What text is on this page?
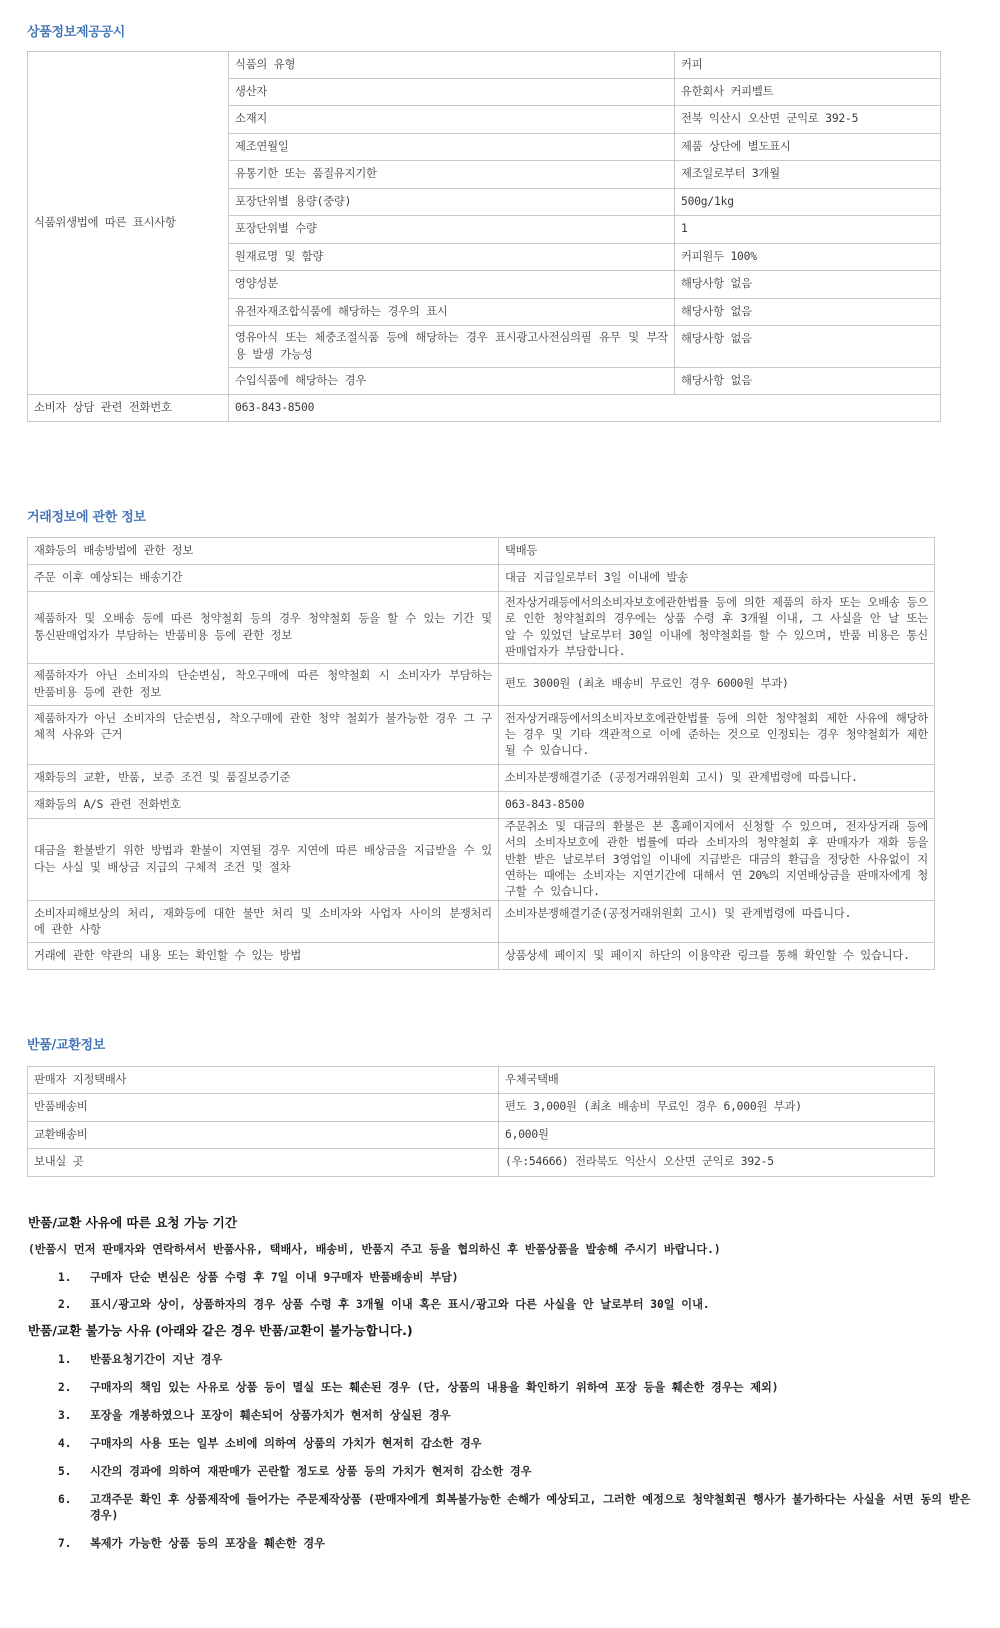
상품정보제공공시
식품위생법에 따른 표시사항	식품의 유형	커피
	생산자	유한회사 커피벨트
	소재지	전북 익산시 오산면 군익로 392-5
	제조연월일	제품 상단에 별도표시
	유통기한 또는 품질유지기한	제조일로부터 3개월
	포장단위별 용량(중량)	500g/1kg
	포장단위별 수량	1
	원재료명 및 함량	커피원두 100%
	영양성분	해당사항 없음
	유전자재조합식품에 해당하는 경우의 표시	해당사항 없음
	영유아식 또는 체중조절식품 등에 해당하는 경우 표시광고사전심의필 유무 및 부작용 발생 가능성	해당사항 없음
	수입식품에 해당하는 경우	해당사항 없음
소비자 상담 관련 전화번호	063-843-8500	
거래정보에 관한 정보
재화등의 배송방법에 관한 정보	택배등
주문 이후 예상되는 배송기간	대금 지급일로부터 3일 이내에 발송
제품하자 및 오배송 등에 따른 청약철회 등의 경우 청약철회 등을 할 수 있는 기간 및 통신판매업자가 부담하는 반품비용 등에 관한 정보	전자상거래등에서의소비자보호에관한법률 등에 의한 제품의 하자 또는 오배송 등으로 인한 청약철회의 경우에는 상품 수령 후 3개월 이내, 그 사실을 안 날 또는 알 수 있었던 날로부터 30일 이내에 청약철회를 할 수 있으며, 반품 비용은 통신판매업자가 부담합니다.
제품하자가 아닌 소비자의 단순변심, 착오구매에 따른 청약철회 시 소비자가 부담하는 반품비용 등에 관한 정보	편도 3000원 (최초 배송비 무료인 경우 6000원 부과)
제품하자가 아닌 소비자의 단순변심, 착오구매에 관한 청약 철회가 불가능한 경우 그 구체적 사유와 근거	전자상거래등에서의소비자보호에관한법률 등에 의한 청약철회 제한 사유에 해당하는 경우 및 기타 객관적으로 이에 준하는 것으로 인정되는 경우 청약철회가 제한될 수 있습니다.
재화등의 교환, 반품, 보증 조건 및 품질보증기준	소비자분쟁해결기준 (공정거래위원회 고시) 및 관계법령에 따릅니다.
재화등의 A/S 관련 전화번호	063-843-8500
대금을 환불받기 위한 방법과 환불이 지연될 경우 지연에 따른 배상금을 지급받을 수 있다는 사실 및 배상금 지급의 구체적 조건 및 절차	주문취소 및 대금의 환불은 본 홈페이지에서 신청할 수 있으며, 전자상거래 등에서의 소비자보호에 관한 법률에 따라 소비자의 청약철회 후 판매자가 재화 등을 반환 받은 날로부터 3영업일 이내에 지급받은 대금의 환급을 정당한 사유없이 지연하는 때에는 소비자는 지연기간에 대해서 연 20%의 지연배상금을 판매자에게 청구할 수 있습니다.
소비자피해보상의 처리, 재화등에 대한 불만 처리 및 소비자와 사업자 사이의 분쟁처리에 관한 사항	소비자분쟁해결기준(공정거래위원회 고시) 및 관계법령에 따릅니다.
거래에 관한 약관의 내용 또는 확인할 수 있는 방법	상품상세 페이지 및 페이지 하단의 이용약관 링크를 통해 확인할 수 있습니다.
반품/교환정보
판매자 지정택배사	우체국택배
반품배송비	편도 3,000원 (최초 배송비 무료인 경우 6,000원 부과)
교환배송비	6,000원
보내실 곳	(우:54666) 전라북도 익산시 오산면 군익로 392-5

반품/교환 사유에 따른 요청 가능 기간

(반품시 먼저 판매자와 연락하셔서 반품사유, 택배사, 배송비, 반품지 주고 등을 협의하신 후 반품상품을 발송해 주시기 바랍니다.)

1. 구매자 단순 변심은 상품 수령 후 7일 이내 9구매자 반품배송비 부담)
2. 표시/광고와 상이, 상품하자의 경우 상품 수령 후 3개월 이내 혹은 표시/광고와 다른 사실을 안 날로부터 30일 이내.

반품/교환 불가능 사유 (아래와 같은 경우 반품/교환이 불가능합니다.)

1. 반품요청기간이 지난 경우
2. 구매자의 책임 있는 사유로 상품 등이 멸실 또는 훼손된 경우 (단, 상품의 내용을 확인하기 위하여 포장 등을 훼손한 경우는 제외)
3. 포장을 개봉하였으나 포장이 훼손되어 상품가치가 현저히 상실된 경우
4. 구매자의 사용 또는 일부 소비에 의하여 상품의 가치가 현저히 감소한 경우
5. 시간의 경과에 의하여 재판매가 곤란할 정도로 상품 등의 가치가 현저히 감소한 경우
6. 고객주문 확인 후 상품제작에 들어가는 주문제작상품 (판매자에게 회복불가능한 손해가 예상되고, 그러한 예정으로 청약철회권 행사가 불가하다는 사실을 서면 동의 받은 경우)
7. 복제가 가능한 상품 등의 포장을 훼손한 경우
